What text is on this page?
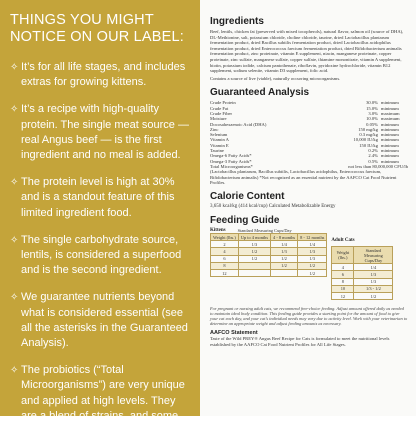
THINGS YOU MIGHT NOTICE ON OUR LABEL:
✧ It’s for all life stages, and includes extras for growing kittens.
✧ It’s a recipe with high-quality protein. The single meat source — real Angus beef — is the first ingredient and no meal is added.
✧ The protein level is high at 30% and is a standout feature of this limited ingredient food.
✧ The single carbohydrate source, lentils, is considered a superfood and is the second ingredient.
✧ We guarantee nutrients beyond what is considered essential (see all the asterisks in the Guaranteed Analysis).
✧ The probiotics (“Total Microorganisms”) are very unique and applied at high levels. They are a blend of strains, and some are unique for cats.
Ingredients

Beef, lentils, chicken fat (preserved with mixed tocopherols), natural flavor, salmon oil (source of DHA), DL-Methionine, salt, potassium chloride, choline chloride, taurine, dried Lactobacillus plantarum fermentation product, dried Bacillus subtilis fermentation product, dried Lactobacillus acidophilus fermentation product, dried Enterococcus faecium fermentation product, dried Bifidobacterium animalis fermentation product, zinc proteinate, vitamin E supplement, niacin, manganese proteinate, copper proteinate, zinc sulfate, manganese sulfate, copper sulfate, thiamine mononitrate, vitamin A supplement, biotin, potassium iodide, calcium pantothenate, riboflavin, pyridoxine hydrochloride, vitamin B12 supplement, sodium selenite, vitamin D3 supplement, folic acid.

Contains a source of live (viable), naturally occurring microorganisms.

Guaranteed Analysis
Crude Protein	30.0%	minimum
Crude Fat	15.0%	minimum
Crude Fiber	3.0%	maximum
Moisture	10.0%	maximum
Docosahexaenoic Acid (DHA)	0.05%	minimum
Zinc	150 mg/kg	minimum
Selenium	0.3 mg/kg	minimum
Vitamin A	10,000 IU/kg	minimum
Vitamin E	150 IU/kg	minimum
Taurine	0.2%	minimum
Omega-6 Fatty Acids*	2.4%	minimum
Omega-3 Fatty Acids*	0.5%	minimum
Total Microorganisms*	not less than 80,000,000 CFU/lb	

(Lactobacillus plantarum, Bacillus subtilis, Lactobacillus acidophilus, Enterococcus faecium, Bifidobacterium animalis) *Not recognized as an essential nutrient by the AAFCO Cat Food Nutrient Profiles.

Calorie Content

3,650 kcal/kg (414 kcal/cup) Calculated Metabolizable Energy

Feeding Guide
Kittens	Standard Measuring Cups/Day
Weight (lbs.)	Up to 4 months	4 - 8 months	8 - 12 months
2	1/3	1/4	1/4
4	1/2	1/3	1/3
6	1/2	1/2	1/3
8		1/2	1/2
12			1/2
Adult Cats
Weight (lbs.)	Standard Measuring Cups/Day
4	1/4
6	1/3
8	1/3
10	1/3 - 1/2
12	1/2

For pregnant or nursing adult cats, we recommend free-choice feeding. Adjust amount offered daily as needed to maintain ideal body condition. This feeding guide provides a starting point for the amount of food to give your cat each day, and your cat’s individual needs may vary due to activity level. Work with your veterinarian to determine an appropriate weight and adjust feeding amounts as necessary.

AAFCO Statement

Taste of the Wild PREY® Angus Beef Recipe for Cats is formulated to meet the nutritional levels established by the AAFCO Cat Food Nutrient Profiles for All Life Stages.
